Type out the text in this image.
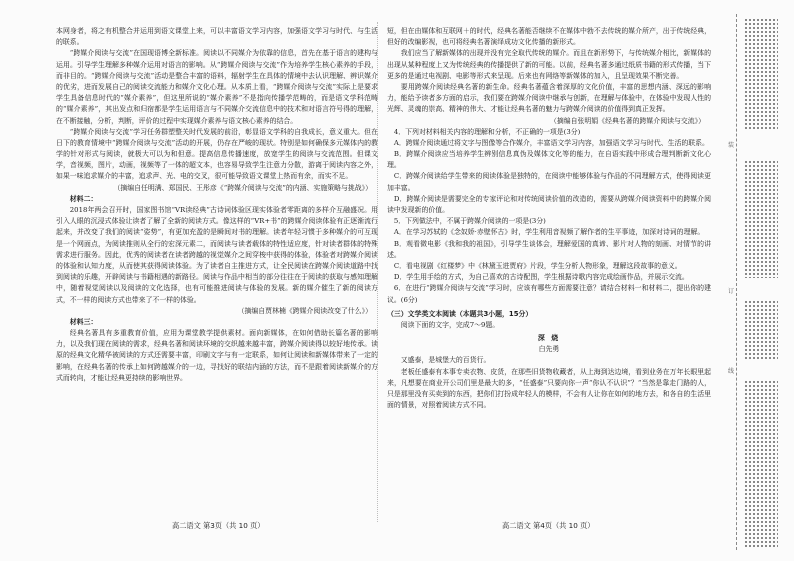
本网身者，将之有机整合并运用到语文课堂上来，可以丰富语文学习内容，加强语文学习与时代、与生活的联系。

“跨媒介阅读与交流”在国现语博全新标准。阅读以不同媒介为依靠的信息，首先在基于语言的建构与运用。引导学生理解多种媒介运用对语言的影响。从“跨媒介阅读与交流”作为培养学生核心素养的手段，而非目的。“跨媒介阅读与交流”活动是整合丰富的语料，辐射学生在具体的情境中去认识理解、辨识媒介的优劣，进而发展自己的阅读交流能力和媒介文化心理。从本质上看，“跨媒介阅读与交流”实际上是要求学生具备信息时代的“媒介素养”，但这里所说的“媒介素养”不是指向传播学范畴的，而是语文学科范畴的“媒介素养”，其出发点和归宿都是学生运用语言与不同媒介交流信息中的技术和对语言符号得的理解，在不断接触，分析，判断，评价的过程中实现媒介素养与语文核心素养的结合。

“跨媒介阅读与交流”学习任务群塑整关时代发展的前沿，彰显语文学科的自我成长，意义重大。但在日下的教育情境中“跨媒介阅读与交流”活动的开展，仍存在严峻的现状。特别是如何确保多元媒体内的教学的针对形式与阅读，就极大可以为和但意。提高信息传播速度，放宽学生的阅读与交流范围。但课文学，音视频，图片，动画，视频等了一体的超文本，也容易导致学生注意力分散，游离于阅读内容之外，如果一味追求媒介的丰富，追求声、光、电的交叉，很可能导致语文课堂上热而有余，而实不足。

（摘编自任明满、郑国民、王彤彦《“跨媒介阅读与交流”的内涵、实施策略与挑战》）

材料二：

2018年两会召开时，国家图书馆“VR读经典”古诗词体验区现实体验者零距离的多样介互融盛况。用引入人眼的沉浸式体验让读者了解了全新的阅读方式。像这样的“VR+书”的跨媒介阅读体验有正逐渐流行起来，并改变了我们的阅读“姿势”，有更加充盈的是瞬间对书的理解。读者年轻习惯于多种媒介的可互现是一个网面点，为阅读推则从全行的宏深元素二，而阅读与读者载体的特性适应度，针对读者群体的特殊需求进行服务。因此，优秀的阅读者在读者跨越的视觉媒介之间穿梭中获得的体验，体验者对跨媒介阅读的体验和认知力度，从而使其获得阅读体验。为了读者自主推进方式，让全民阅读在跨媒介阅读道路中找到阅读的乐趣，开辟阅读与书籍相遇的新路径。阅读与作品中相当的部分往往在于阅读的获取与感知理解中，随着视觉阅读以及阅读的文化选择，也有可能推进阅读与体验的发展。新的媒介催生了新的阅读方式，不一样的阅读方式也带来了不一样的体验。

（摘编自贾林楠《跨媒介阅读改变了什么》）

材料三：

经典名著具有多重教育价值，应用为课堂教学提供素材。面向新媒体，在如何借助长篇名著的影响力，以及我们现在阅读的需求，经典名著和阅读环境的交织越来越丰富，跨媒介阅读得以较好地传承。读原的经典文化精华被阅读的方式还需要丰富，印刷文字与有一定联系，如何让阅读和新媒体带来了一定的影响，在经典名著的传承上如何跨越媒介的一边，寻找好的联结内涵的方法，而不是跟着阅读新媒介的方式而转向，才能让经典更持续的影响世界。

短，但在由媒体和互联网＋的时代，经典名著能否继续不在媒体中勃不去传统的媒介所产，出于传统经典，但好的改编影视，也可将经典名著演绎成功文化传播的新形式。

我们应当了解新媒体的出现并没有完全取代传统的媒介。而且在新形势下，与传统媒介相比，新媒体的出现从某种程度上又为传统经典的传播提供了新的可能。以前，经典名著多通过纸质书籍的形式传播，当下更多的是通过电视剧、电影等形式来呈现。后来也有网络等新媒体的加入，且呈现效果不断完善。

要用跨媒介阅读经典名著的新生命。经典名著蕴含着深厚的文化价值，丰富的思想内涵、深远的影响力，能给予读者多方面的启示，我们要在跨媒介阅读中继承与创新，在理解与体验中，在体验中发现人性的光辉、灵魂的崇高、精神的伟大、才能让经典名著的魅力与跨媒介阅读的价值得到真正发挥。

（摘编自张明娟《经典名著的跨媒介阅读与交流》）

4．下列对材料相关内容的理解和分析，不正确的一项是(3分)

A．跨媒介阅读通过将文字与图像等合作媒介，丰富语文学习内容，加强语文学习与时代、生活的联系。

B．跨媒介阅读应当培养学生辨别信息真伪及媒体文化等的能力，在自语实践中形成合理判断新文化心理。

C．跨媒介阅读给学生带来的阅读体验是独特的，在阅读中能够体验与作品的不同理解方式，使得阅读更加丰富。

D．跨媒介阅读是需要完全的专家评论和对传统阅读价值的改造的，需要从跨媒介阅读资料中的跨媒介阅读中发现新的价值。

5．下列做法中，不属于跨媒介阅读的一项是(3分)

A．在学习苏轼的《念奴娇·赤壁怀古》时，学生利用音视频了解作者的生平事迹，加深对诗词的理解。

B．观看微电影《我和我的祖国》，引导学生谈体会，理解爱国的真谛、影片对人物的刻画、对情节的讲述。

C．看电视剧《红楼梦》中《林黛玉进贾府》片段，学生分析人物形象，理解这段故事的意义。

D．学生用手绘的方式，为自己喜欢的古诗配图，学生根据诗歌内容完成绘画作品，并展示交流。

6．在进行“跨媒介阅读与交流”学习时，应该有哪些方面需要注意？请结合材料一和材料二，提出你的建议。(6分)

（三）文学类文本阅读（本题共3小题，15分）

阅读下面的文字，完成7～9题。

深 烧

白先勇

又盛泰，是城堡大的百货行。

老板任盛泰有本事专卖衣物、皮货，在那些旧货物收藏者，从上海到达边境，看到业务在万年长眼里起来，凡想要在商业开公司们里是最大的多，“任盛泰”只要向你一声“你认不认识”？“当然是靠走门路的人，只是那里没有买卖到的东西，把你们打扮成年轻人的模样，不会有人让你在如何的地方去，和各自的生活里面的情景，对照着阅读方式不同。

高二语文 第3页（共 10 页）	高二语文 第4页（共 10 页）
装
订
线
